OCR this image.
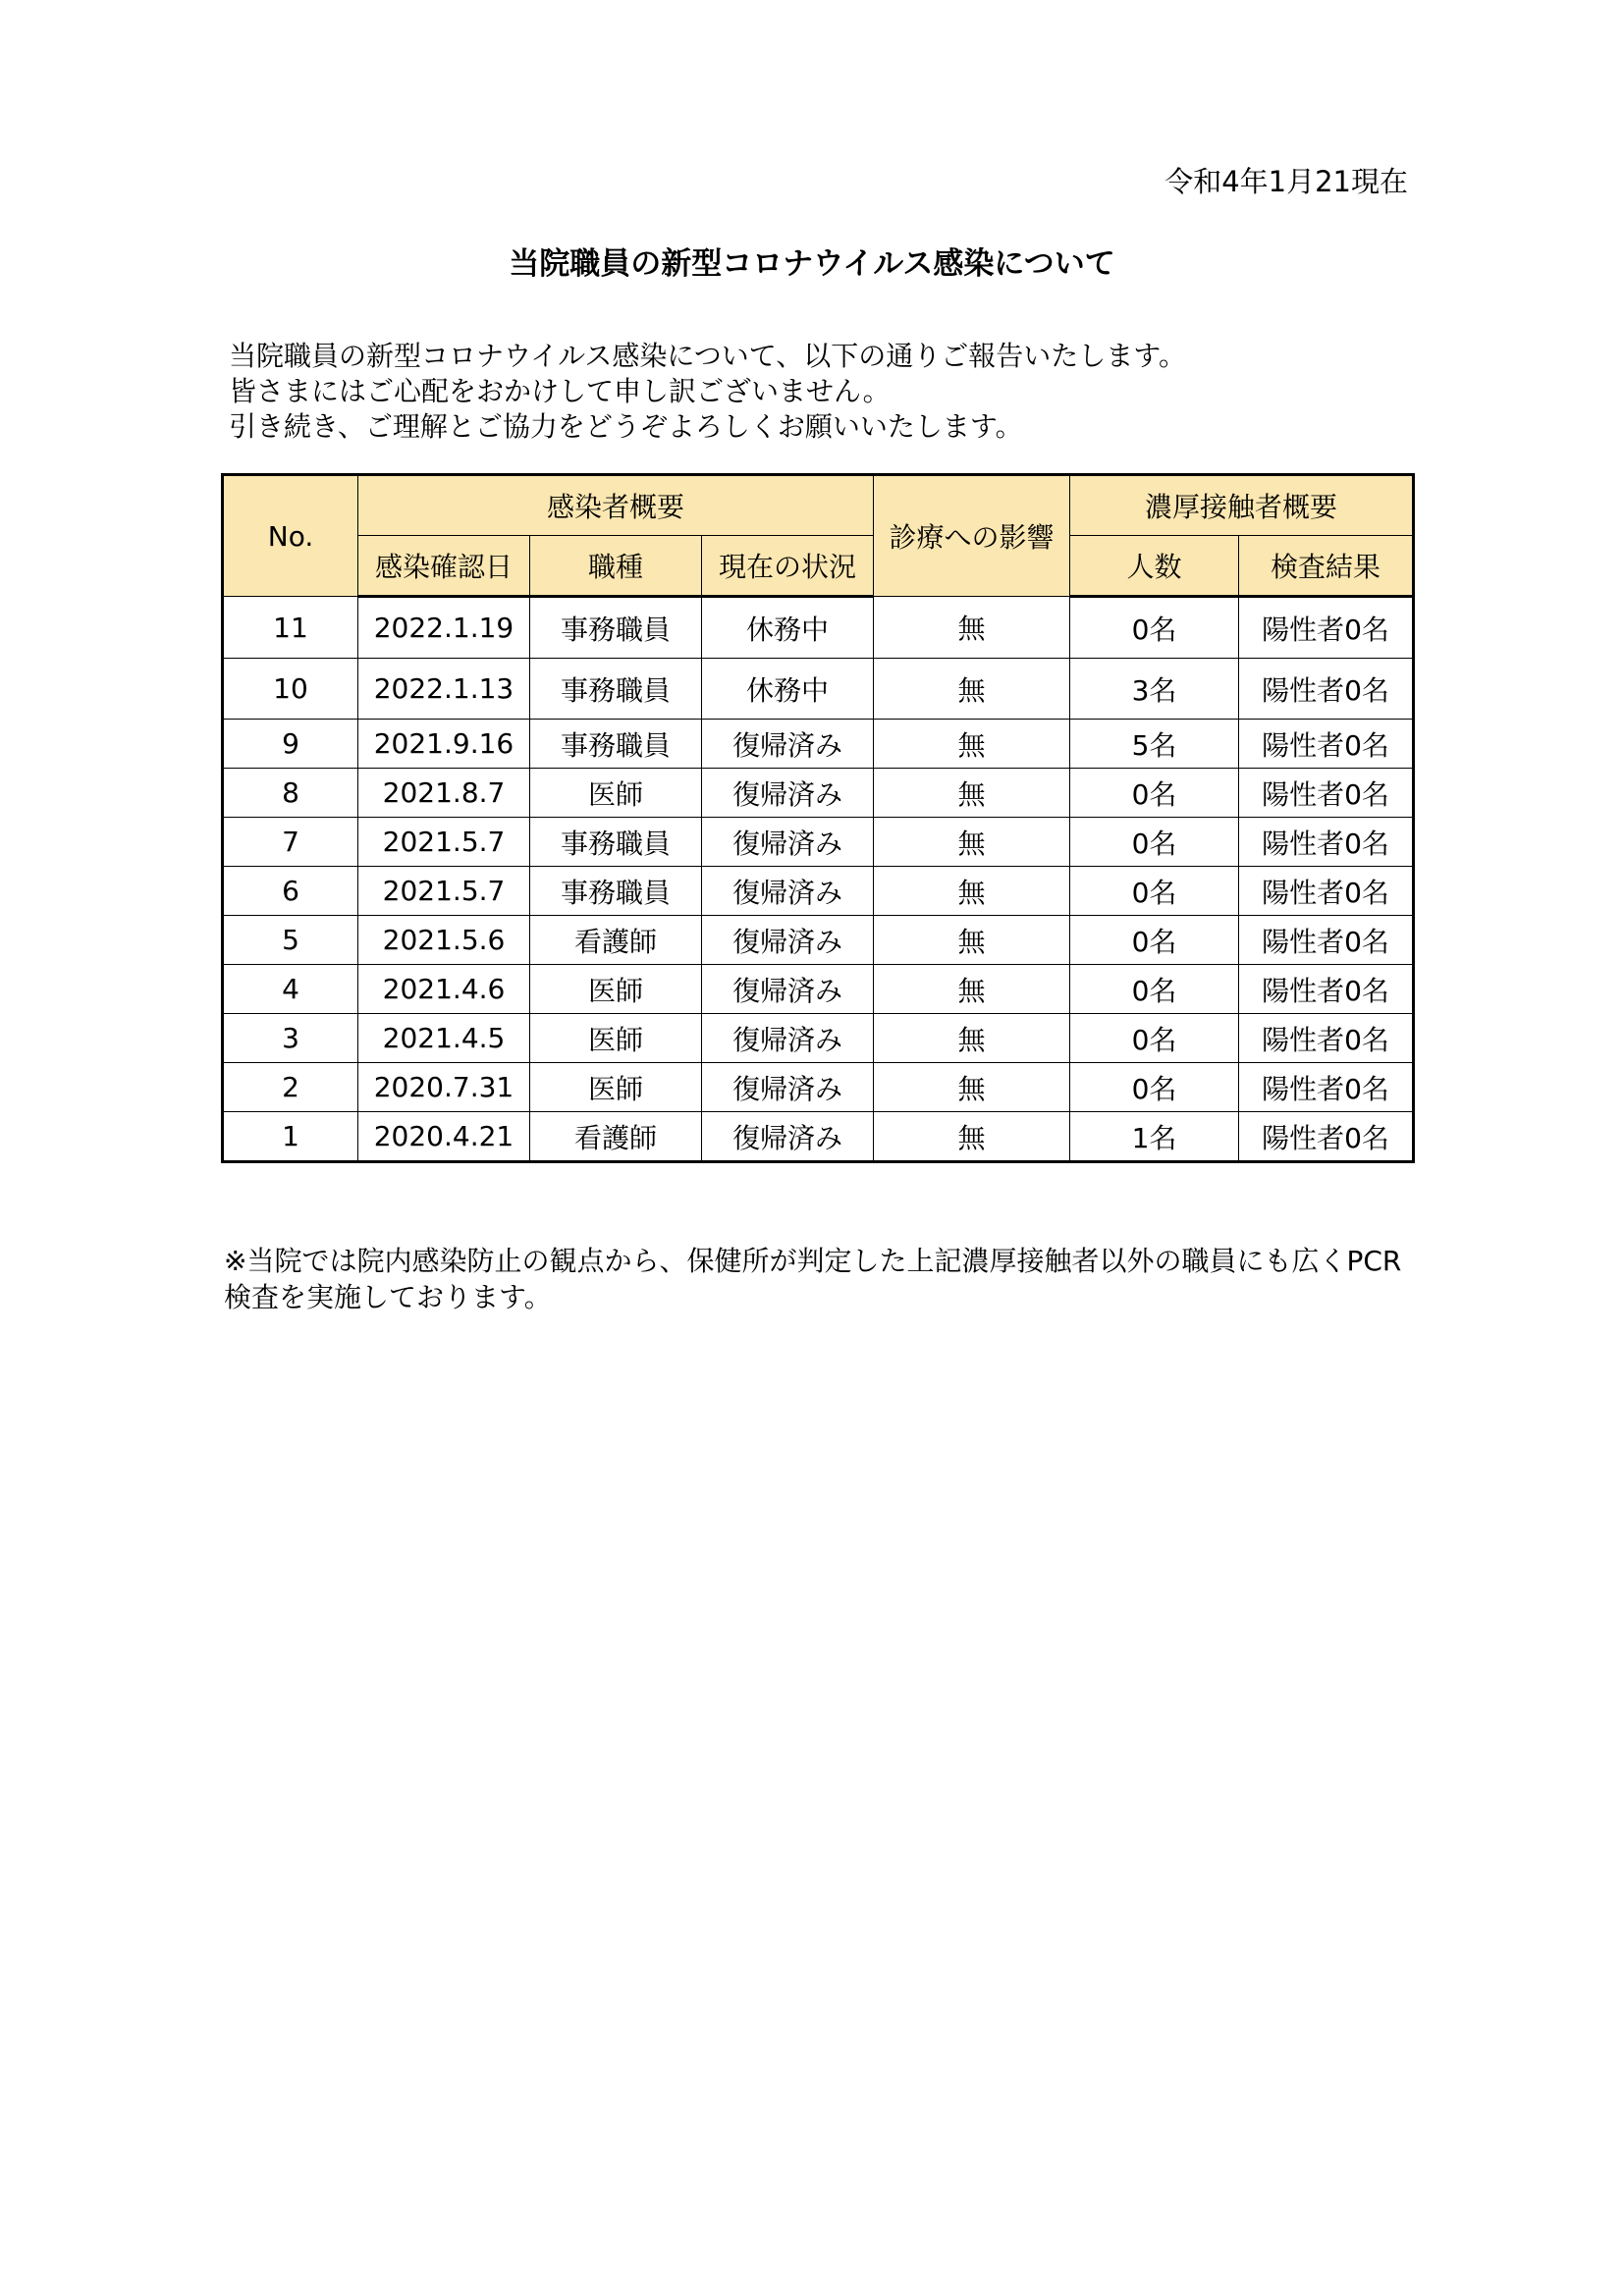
令和4年1月21現在
当院職員の新型コロナウイルス感染について
当院職員の新型コロナウイルス感染について、以下の通りご報告いたします。
皆さまにはご心配をおかけして申し訳ございません。
引き続き、ご理解とご協力をどうぞよろしくお願いいたします。
No.	感染者概要			診療への影響	濃厚接触者概要	
	感染確認日	職種	現在の状況		人数	検査結果
11	2022.1.19	事務職員	休務中	無	0名	陽性者0名
10	2022.1.13	事務職員	休務中	無	3名	陽性者0名
9	2021.9.16	事務職員	復帰済み	無	5名	陽性者0名
8	2021.8.7	医師	復帰済み	無	0名	陽性者0名
7	2021.5.7	事務職員	復帰済み	無	0名	陽性者0名
6	2021.5.7	事務職員	復帰済み	無	0名	陽性者0名
5	2021.5.6	看護師	復帰済み	無	0名	陽性者0名
4	2021.4.6	医師	復帰済み	無	0名	陽性者0名
3	2021.4.5	医師	復帰済み	無	0名	陽性者0名
2	2020.7.31	医師	復帰済み	無	0名	陽性者0名
1	2020.4.21	看護師	復帰済み	無	1名	陽性者0名
※当院では院内感染防止の観点から、保健所が判定した上記濃厚接触者以外の職員にも広くPCR検査を実施しております。
